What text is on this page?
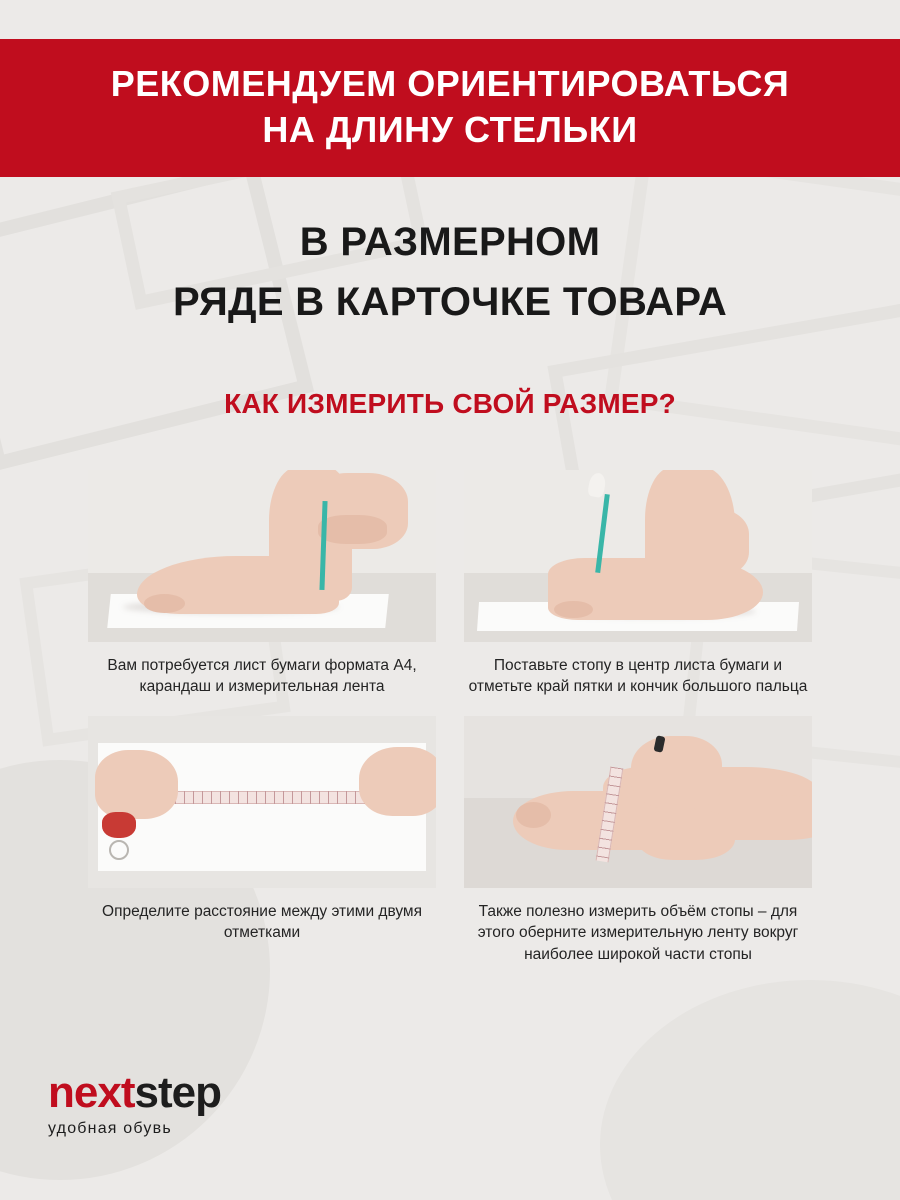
РЕКОМЕНДУЕМ ОРИЕНТИРОВАТЬСЯ
НА ДЛИНУ СТЕЛЬКИ
В РАЗМЕРНОМ
РЯДЕ В КАРТОЧКЕ ТОВАРА
КАК ИЗМЕРИТЬ СВОЙ РАЗМЕР?
Вам потребуется лист бумаги формата А4, карандаш и измерительная лента
Поставьте стопу в центр листа бумаги и отметьте край пятки и кончик большого пальца
Определите расстояние между этими двумя отметками
Также полезно измерить объём стопы – для этого оберните измерительную ленту вокруг наиболее широкой части стопы
nextstep
удобная обувь
